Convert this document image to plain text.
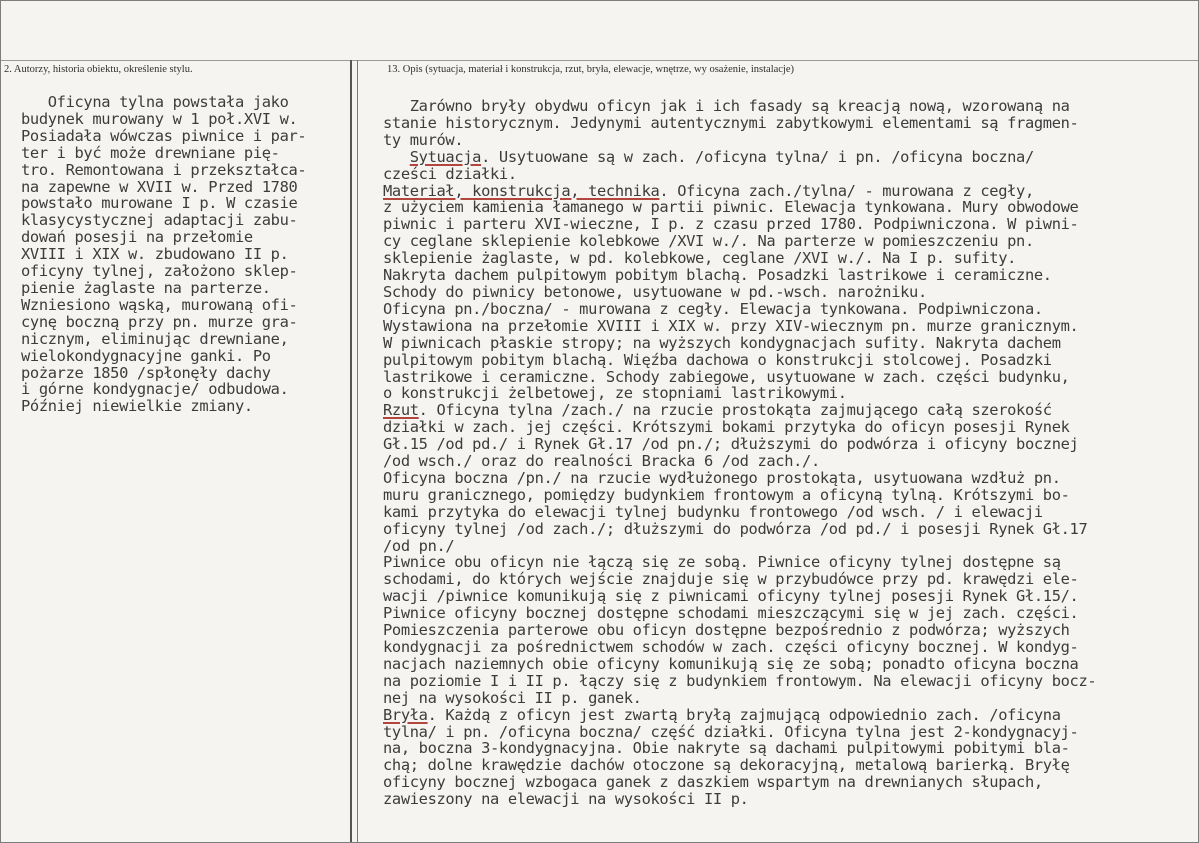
2. Autorzy, historia obiektu, określenie stylu.	13. Opis (sytuacja, materiał i konstrukcja, rzut, bryła, elewacje, wnętrze, wy osażenie, instalacje)
Oficyna tylna powstała jako
budynek murowany w 1 poł.XVI w.
Posiadała wówczas piwnice i par-
ter i być może drewniane pię-
tro. Remontowana i przekształca-
na zapewne w XVII w. Przed 1780
powstało murowane I p. W czasie
klasycystycznej adaptacji zabu-
dowań posesji na przełomie
XVIII i XIX w. zbudowano II p.
oficyny tylnej, założono sklep-
pienie żaglaste na parterze.
Wzniesiono wąską, murowaną ofi-
cynę boczną przy pn. murze gra-
nicznym, eliminując drewniane,
wielokondygnacyjne ganki. Po
pożarze 1850 /spłonęły dachy
i górne kondygnacje/ odbudowa.
Później niewielkie zmiany.
Zarówno bryły obydwu oficyn jak i ich fasady są kreacją nową, wzorowaną na
stanie historycznym. Jedynymi autentycznymi zabytkowymi elementami są fragmen-
ty murów.
Sytuacja. Usytuowane są w zach. /oficyna tylna/ i pn. /oficyna boczna/
cześci działki.
Materiał, konstrukcja, technika. Oficyna zach./tylna/ - murowana z cegły,
z użyciem kamienia łamanego w partii piwnic. Elewacja tynkowana. Mury obwodowe
piwnic i parteru XVI-wieczne, I p. z czasu przed 1780. Podpiwniczona. W piwni-
cy ceglane sklepienie kolebkowe /XVI w./. Na parterze w pomieszczeniu pn.
sklepienie żaglaste, w pd. kolebkowe, ceglane /XVI w./. Na I p. sufity.
Nakryta dachem pulpitowym pobitym blachą. Posadzki lastrikowe i ceramiczne.
Schody do piwnicy betonowe, usytuowane w pd.-wsch. narożniku.
Oficyna pn./boczna/ - murowana z cegły. Elewacja tynkowana. Podpiwniczona.
Wystawiona na przełomie XVIII i XIX w. przy XIV-wiecznym pn. murze granicznym.
W piwnicach płaskie stropy; na wyższych kondygnacjach sufity. Nakryta dachem
pulpitowym pobitym blachą. Więźba dachowa o konstrukcji stolcowej. Posadzki
lastrikowe i ceramiczne. Schody zabiegowe, usytuowane w zach. części budynku,
o konstrukcji żelbetowej, ze stopniami lastrikowymi.
Rzut. Oficyna tylna /zach./ na rzucie prostokąta zajmującego całą szerokość
działki w zach. jej części. Krótszymi bokami przytyka do oficyn posesji Rynek
Gł.15 /od pd./ i Rynek Gł.17 /od pn./; dłuższymi do podwórza i oficyny bocznej
/od wsch./ oraz do realności Bracka 6 /od zach./.
Oficyna boczna /pn./ na rzucie wydłużonego prostokąta, usytuowana wzdłuż pn.
muru granicznego, pomiędzy budynkiem frontowym a oficyną tylną. Krótszymi bo-
kami przytyka do elewacji tylnej budynku frontowego /od wsch. / i elewacji
oficyny tylnej /od zach./; dłuższymi do podwórza /od pd./ i posesji Rynek Gł.17
/od pn./
Piwnice obu oficyn nie łączą się ze sobą. Piwnice oficyny tylnej dostępne są
schodami, do których wejście znajduje się w przybudówce przy pd. krawędzi ele-
wacji /piwnice komunikują się z piwnicami oficyny tylnej posesji Rynek Gł.15/.
Piwnice oficyny bocznej dostępne schodami mieszczącymi się w jej zach. części.
Pomieszczenia parterowe obu oficyn dostępne bezpośrednio z podwórza; wyższych
kondygnacji za pośrednictwem schodów w zach. części oficyny bocznej. W kondyg-
nacjach naziemnych obie oficyny komunikują się ze sobą; ponadto oficyna boczna
na poziomie I i II p. łączy się z budynkiem frontowym. Na elewacji oficyny bocz-
nej na wysokości II p. ganek.
Bryła. Każdą z oficyn jest zwartą bryłą zajmującą odpowiednio zach. /oficyna
tylna/ i pn. /oficyna boczna/ część działki. Oficyna tylna jest 2-kondygnacyj-
na, boczna 3-kondygnacyjna. Obie nakryte są dachami pulpitowymi pobitymi bla-
chą; dolne krawędzie dachów otoczone są dekoracyjną, metalową barierką. Bryłę
oficyny bocznej wzbogaca ganek z daszkiem wspartym na drewnianych słupach,
zawieszony na elewacji na wysokości II p.
